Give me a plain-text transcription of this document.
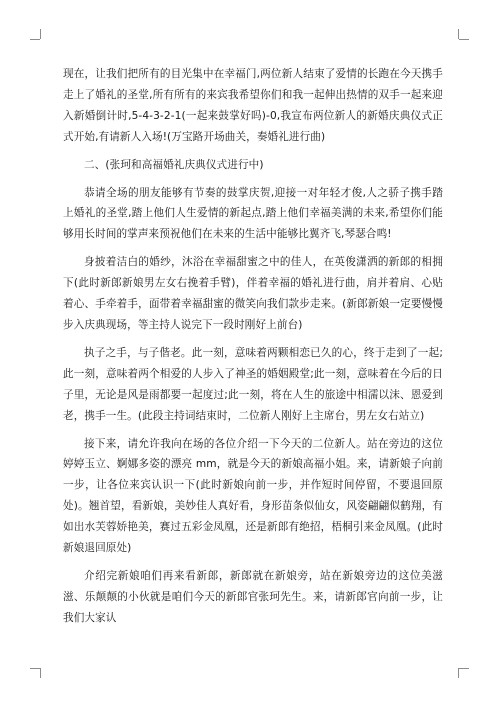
现在，让我们把所有的目光集中在幸福门,两位新人结束了爱情的长跑在今天携手走上了婚礼的圣堂,所有所有的来宾我希望你们和我一起伸出热情的双手一起来迎入新婚倒计时,5-4-3-2-1(一起来鼓掌好吗)-0,我宣布两位新人的新婚庆典仪式正式开始,有请新人入场!(万宝路开场曲关，奏婚礼进行曲)

二、(张珂和高福婚礼庆典仪式进行中)

恭请全场的朋友能够有节奏的鼓掌庆贺,迎接一对年轻才俊,人之骄子携手踏上婚礼的圣堂,踏上他们人生爱情的新起点,踏上他们幸福美满的未来,希望你们能够用长时间的掌声来预祝他们在未来的生活中能够比翼齐飞,琴瑟合鸣!

身披着洁白的婚纱，沐浴在幸福甜蜜之中的佳人，在英俊潇洒的新郎的相拥下(此时新郎新娘男左女右挽着手臂)，伴着幸福的婚礼进行曲，肩并着肩、心贴着心、手牵着手，面带着幸福甜蜜的微笑向我们款步走来。(新郎新娘一定要慢慢步入庆典现场，等主持人说完下一段时刚好上前台)

执子之手，与子偕老。此一刻，意味着两颗相恋已久的心，终于走到了一起;此一刻，意味着两个相爱的人步入了神圣的婚姻殿堂;此一刻，意味着在今后的日子里，无论是风是雨都要一起度过;此一刻，将在人生的旅途中相濡以沫、恩爱到老，携手一生。(此段主持词结束时，二位新人刚好上主席台，男左女右站立)

接下来，请允许我向在场的各位介绍一下今天的二位新人。站在旁边的这位婷婷玉立、婀娜多姿的漂亮 mm，就是今天的新娘高福小姐。来，请新娘子向前一步，让各位来宾认识一下(此时新娘向前一步，并作短时间停留，不要退回原处)。翘首望，看新娘，美妙佳人真好看，身形苗条似仙女，风姿翩翩似鹤翔，有如出水芙蓉娇艳美，赛过五彩金凤凰，还是新郎有绝招，梧桐引来金凤凰。(此时新娘退回原处)

介绍完新娘咱们再来看新郎，新郎就在新娘旁，站在新娘旁边的这位美滋滋、乐颠颠的小伙就是咱们今天的新郎官张珂先生。来，请新郎官向前一步，让我们大家认
